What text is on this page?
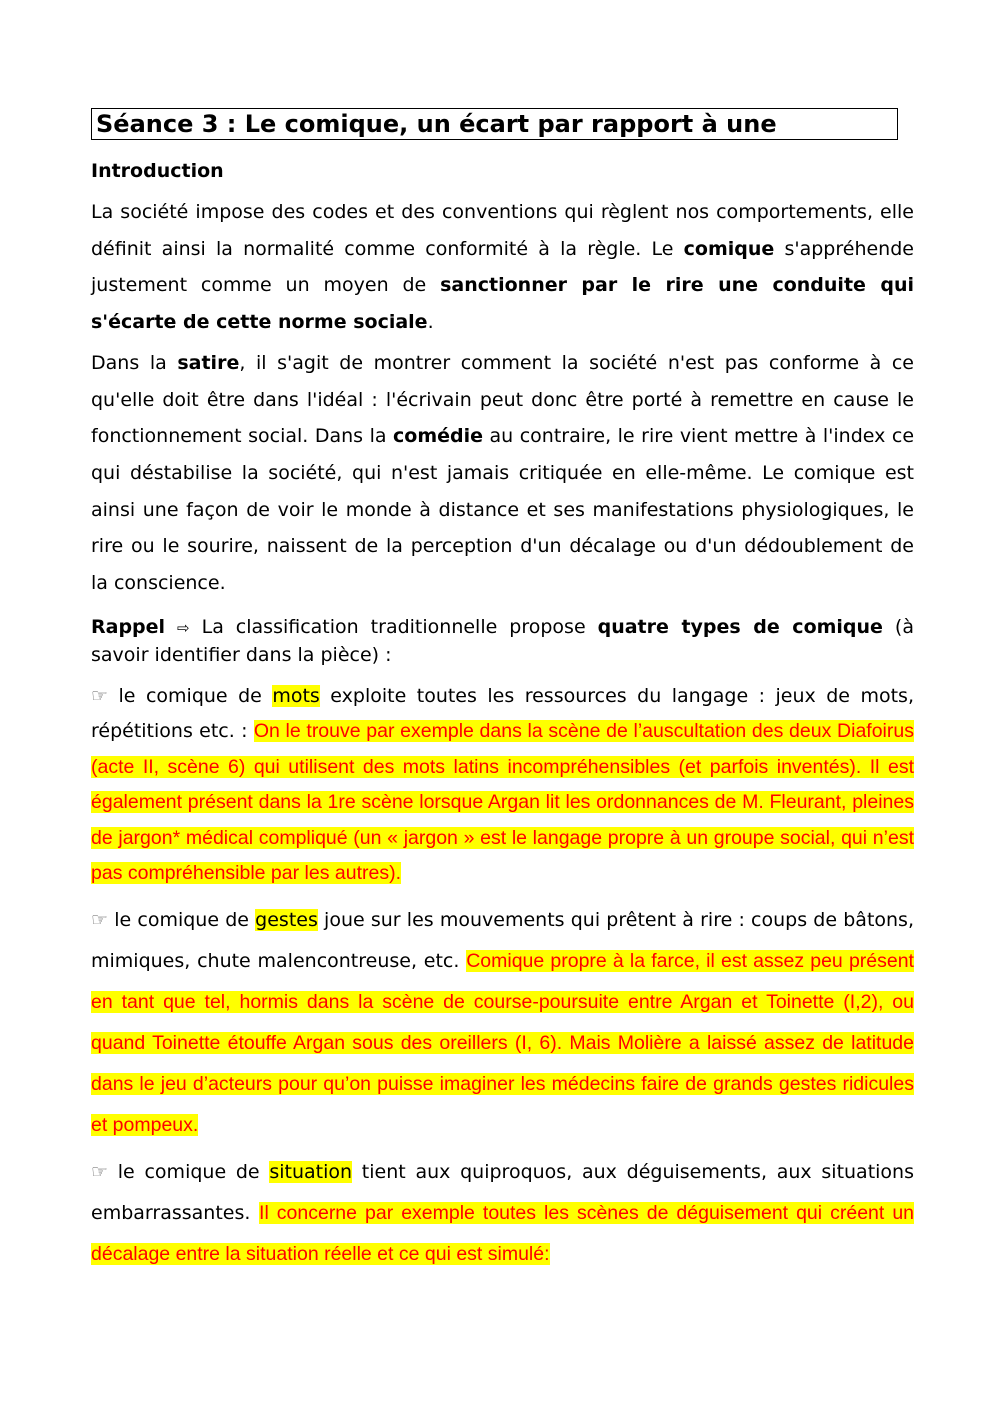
Séance 3 : Le comique, un écart par rapport à une
Introduction

La société impose des codes et des conventions qui règlent nos comportements, elle définit ainsi la normalité comme conformité à la règle. Le comique s'appréhende justement comme un moyen de sanctionner par le rire une conduite qui s'écarte de cette norme sociale.

Dans la satire, il s'agit de montrer comment la société n'est pas conforme à ce qu'elle doit être dans l'idéal : l'écrivain peut donc être porté à remettre en cause le fonctionnement social. Dans la comédie au contraire, le rire vient mettre à l'index ce qui déstabilise la société, qui n'est jamais critiquée en elle-même. Le comique est ainsi une façon de voir le monde à distance et ses manifestations physiologiques, le rire ou le sourire, naissent de la perception d'un décalage ou d'un dédoublement de la conscience.

Rappel ⇨ La classification traditionnelle propose quatre types de comique (à savoir identifier dans la pièce) :

☞ le comique de mots exploite toutes les ressources du langage : jeux de mots, répétitions etc. : On le trouve par exemple dans la scène de l’auscultation des deux Diafoirus (acte II, scène 6) qui utilisent des mots latins incompréhensibles (et parfois inventés). Il est également présent dans la 1re scène lorsque Argan lit les ordonnances de M. Fleurant, pleines de jargon* médical compliqué (un « jargon » est le langage propre à un groupe social, qui n’est pas compréhensible par les autres).

☞ le comique de gestes joue sur les mouvements qui prêtent à rire : coups de bâtons, mimiques, chute malencontreuse, etc. Comique propre à la farce, il est assez peu présent en tant que tel, hormis dans la scène de course-poursuite entre Argan et Toinette (I,2), ou quand Toinette étouffe Argan sous des oreillers (I, 6). Mais Molière a laissé assez de latitude dans le jeu d’acteurs pour qu’on puisse imaginer les médecins faire de grands gestes ridicules et pompeux.

☞ le comique de situation tient aux quiproquos, aux déguisements, aux situations embarrassantes. Il concerne par exemple toutes les scènes de déguisement qui créent un décalage entre la situation réelle et ce qui est simulé:
